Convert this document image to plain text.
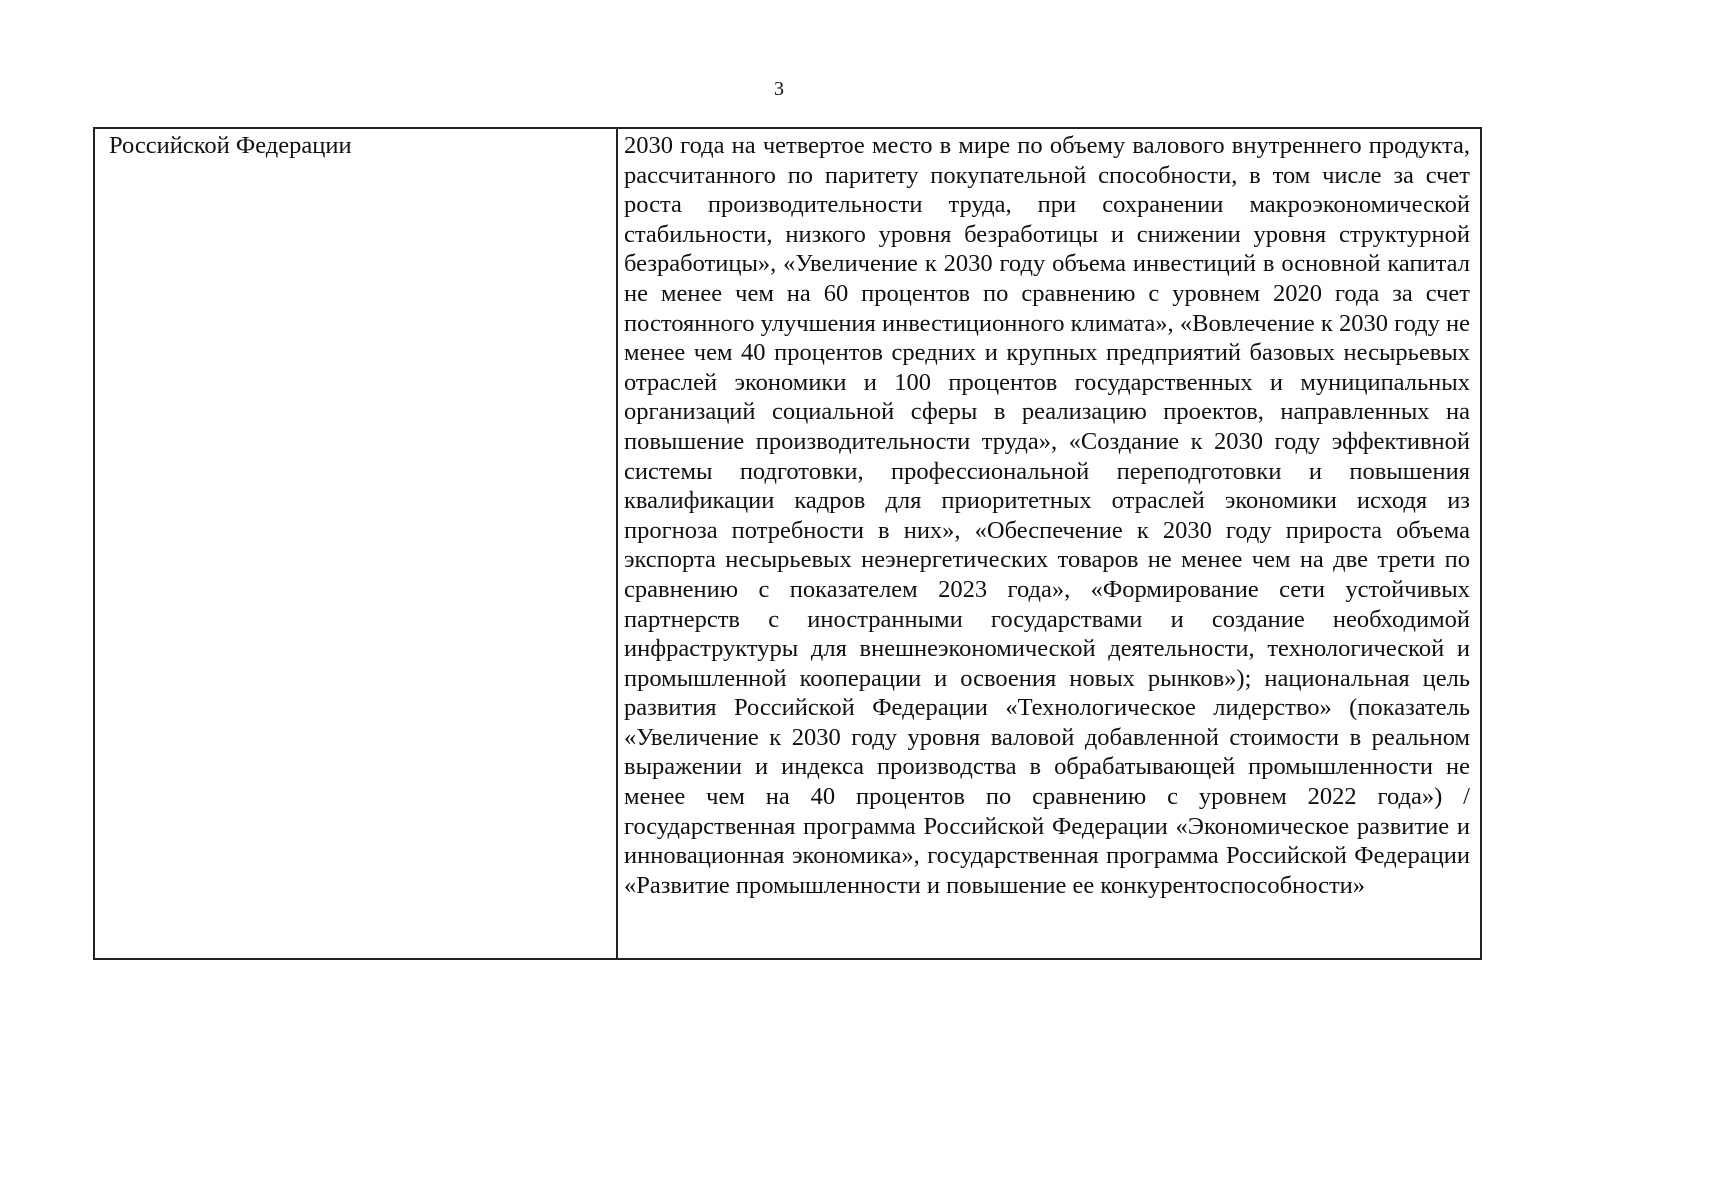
3
Российской Федерации	2030 года на четвертое место в мире по объему валового внутреннего продукта, рассчитанного по паритету покупательной способности, в том числе за счет роста производительности труда, при сохранении макроэкономической стабильности, низкого уровня безработицы и снижении уровня структурной безработицы», «Увеличение к 2030 году объема инвестиций в основной капитал не менее чем на 60 процентов по сравнению с уровнем 2020 года за счет постоянного улучшения инвестиционного климата», «Вовлечение к 2030 году не менее чем 40 процентов средних и крупных предприятий базовых несырьевых отраслей экономики и 100 процентов государственных и муниципальных организаций социальной сферы в реализацию проектов, направленных на повышение производительности труда», «Создание к 2030 году эффективной системы подготовки, профессиональной переподготовки и повышения квалификации кадров для приоритетных отраслей экономики исходя из прогноза потребности в них», «Обеспечение к 2030 году прироста объема экспорта несырьевых неэнергетических товаров не менее чем на две трети по сравнению с показателем 2023 года», «Формирование сети устойчивых партнерств с иностранными государствами и создание необходимой инфраструктуры для внешнеэкономической деятельности, технологической и промышленной кооперации и освоения новых рынков»); национальная цель развития Российской Федерации «Технологическое лидерство» (показатель «Увеличение к 2030 году уровня валовой добавленной стоимости в реальном выражении и индекса производства в обрабатывающей промышленности не менее чем на 40 процентов по сравнению с уровнем 2022 года») / государственная программа Российской Федерации «Экономическое развитие и инновационная экономика», государственная программа Российской Федерации «Развитие промышленности и повышение ее конкурентоспособности»
